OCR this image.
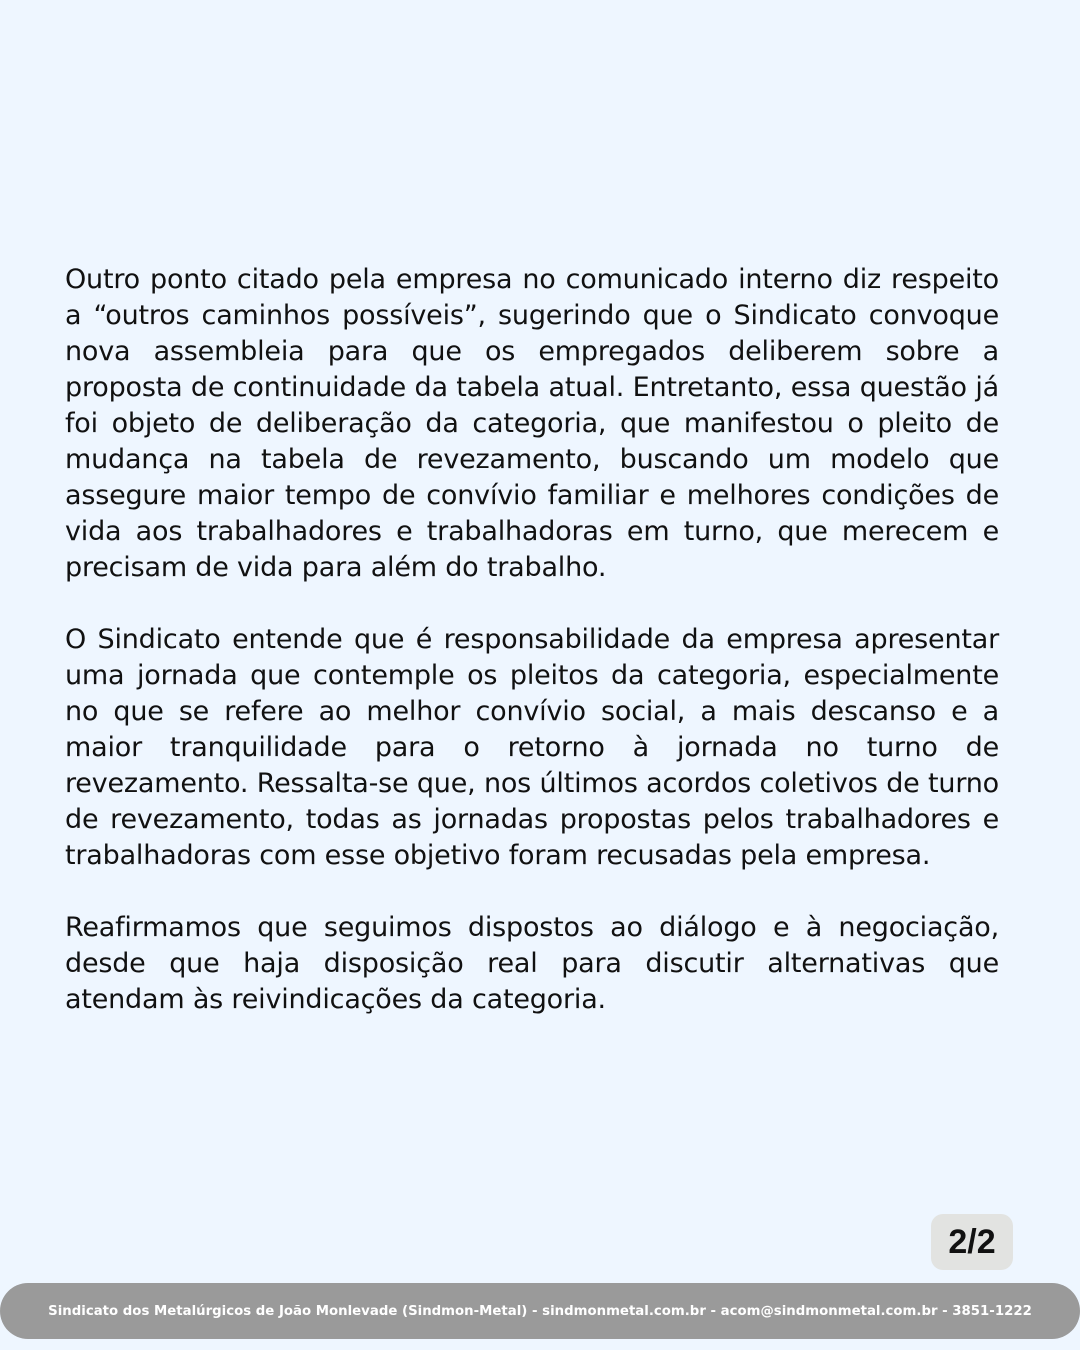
Outro ponto citado pela empresa no comunicado interno diz respeito a “outros caminhos possíveis”, sugerindo que o Sindicato convoque nova assembleia para que os empregados deliberem sobre a proposta de continuidade da tabela atual. Entretanto, essa questão já foi objeto de deliberação da categoria, que manifestou o pleito de mudança na tabela de revezamento, buscando um modelo que assegure maior tempo de convívio familiar e melhores condições de vida aos trabalhadores e trabalhadoras em turno, que merecem e precisam de vida para além do trabalho.

O Sindicato entende que é responsabilidade da empresa apresentar uma jornada que contemple os pleitos da categoria, especialmente no que se refere ao melhor convívio social, a mais descanso e a maior tranquilidade para o retorno à jornada no turno de revezamento. Ressalta-se que, nos últimos acordos coletivos de turno de revezamento, todas as jornadas propostas pelos trabalhadores e trabalhadoras com esse objetivo foram recusadas pela empresa.

Reafirmamos que seguimos dispostos ao diálogo e à negociação, desde que haja disposição real para discutir alternativas que atendam às reivindicações da categoria.

2/2
Sindicato dos Metalúrgicos de João Monlevade (Sindmon-Metal) - sindmonmetal.com.br - acom@sindmonmetal.com.br - 3851-1222
